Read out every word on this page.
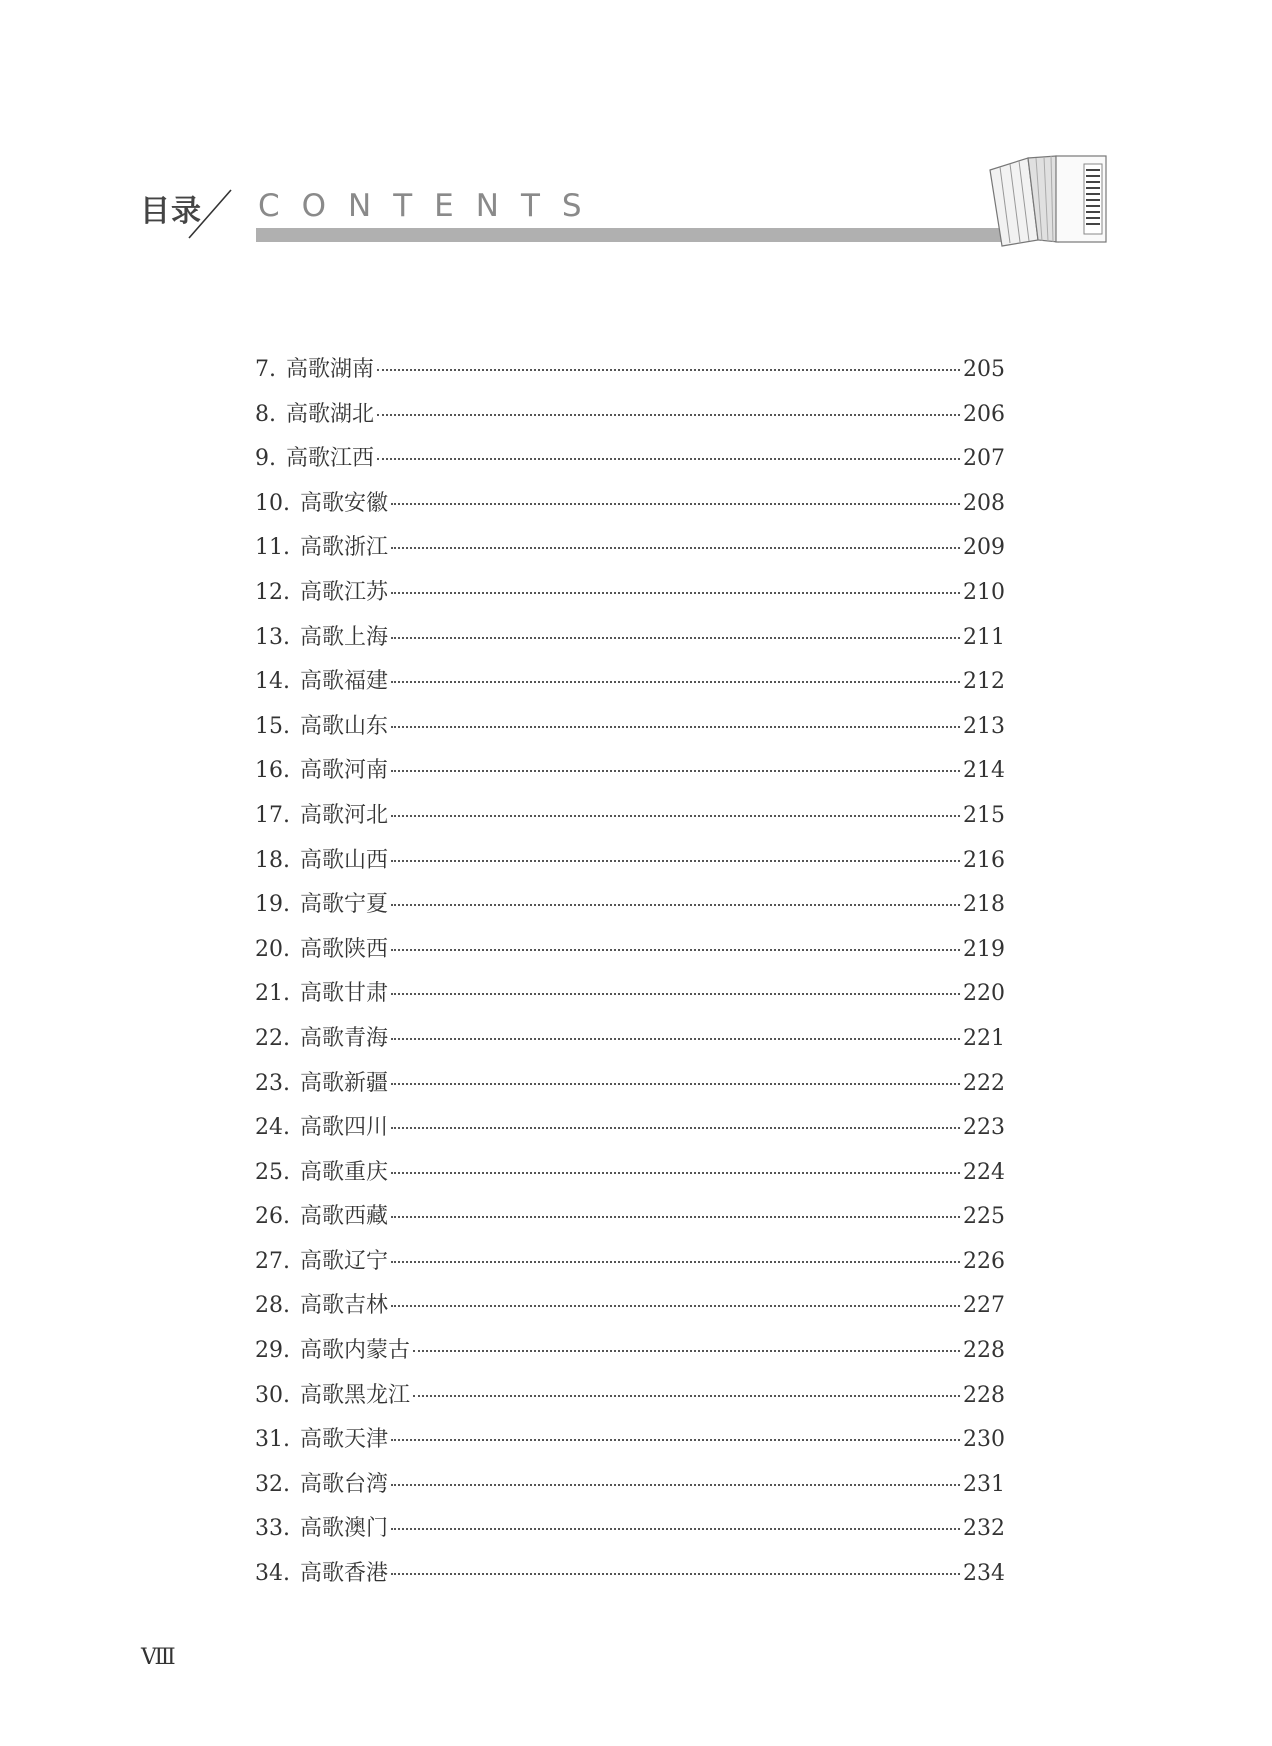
目录 CONTENTS
7. 高歌湖南	205
8. 高歌湖北	206
9. 高歌江西	207
10. 高歌安徽	208
11. 高歌浙江	209
12. 高歌江苏	210
13. 高歌上海	211
14. 高歌福建	212
15. 高歌山东	213
16. 高歌河南	214
17. 高歌河北	215
18. 高歌山西	216
19. 高歌宁夏	218
20. 高歌陕西	219
21. 高歌甘肃	220
22. 高歌青海	221
23. 高歌新疆	222
24. 高歌四川	223
25. 高歌重庆	224
26. 高歌西藏	225
27. 高歌辽宁	226
28. 高歌吉林	227
29. 高歌内蒙古	228
30. 高歌黑龙江	228
31. 高歌天津	230
32. 高歌台湾	231
33. 高歌澳门	232
34. 高歌香港	234
Ⅷ
